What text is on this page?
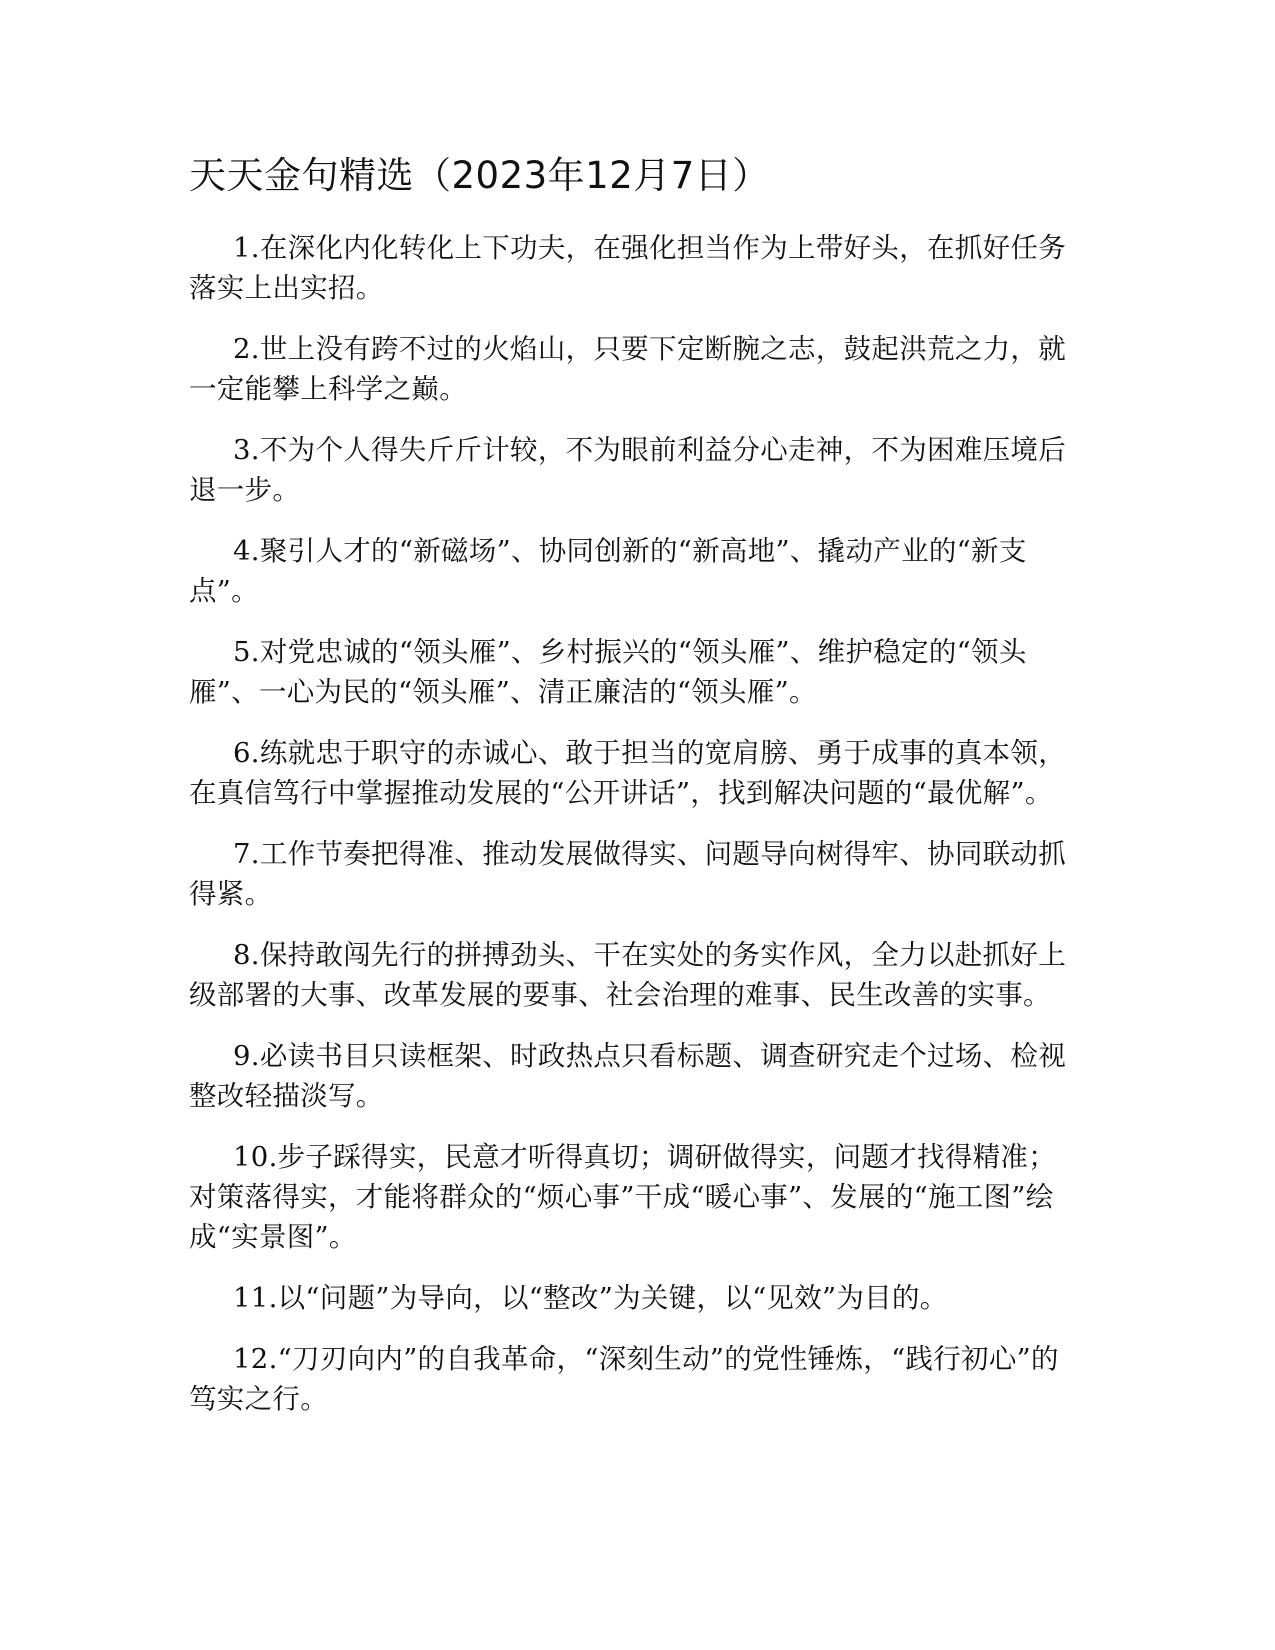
天天金句精选（2023年12月7日）

1.在深化内化转化上下功夫，在强化担当作为上带好头，在抓好任务落实上出实招。

2.世上没有跨不过的火焰山，只要下定断腕之志，鼓起洪荒之力，就一定能攀上科学之巅。

3.不为个人得失斤斤计较，不为眼前利益分心走神，不为困难压境后退一步。

4.聚引人才的“新磁场”、协同创新的“新高地”、撬动产业的“新支点”。

5.对党忠诚的“领头雁”、乡村振兴的“领头雁”、维护稳定的“领头雁”、一心为民的“领头雁”、清正廉洁的“领头雁”。

6.练就忠于职守的赤诚心、敢于担当的宽肩膀、勇于成事的真本领，在真信笃行中掌握推动发展的“公开讲话”，找到解决问题的“最优解”。

7.工作节奏把得准、推动发展做得实、问题导向树得牢、协同联动抓得紧。

8.保持敢闯先行的拼搏劲头、干在实处的务实作风，全力以赴抓好上级部署的大事、改革发展的要事、社会治理的难事、民生改善的实事。

9.必读书目只读框架、时政热点只看标题、调查研究走个过场、检视整改轻描淡写。

10.步子踩得实，民意才听得真切；调研做得实，问题才找得精准；对策落得实，才能将群众的“烦心事”干成“暖心事”、发展的“施工图”绘成“实景图”。

11.以“问题”为导向，以“整改”为关键，以“见效”为目的。

12.“刀刃向内”的自我革命，“深刻生动”的党性锤炼，“践行初心”的笃实之行。
